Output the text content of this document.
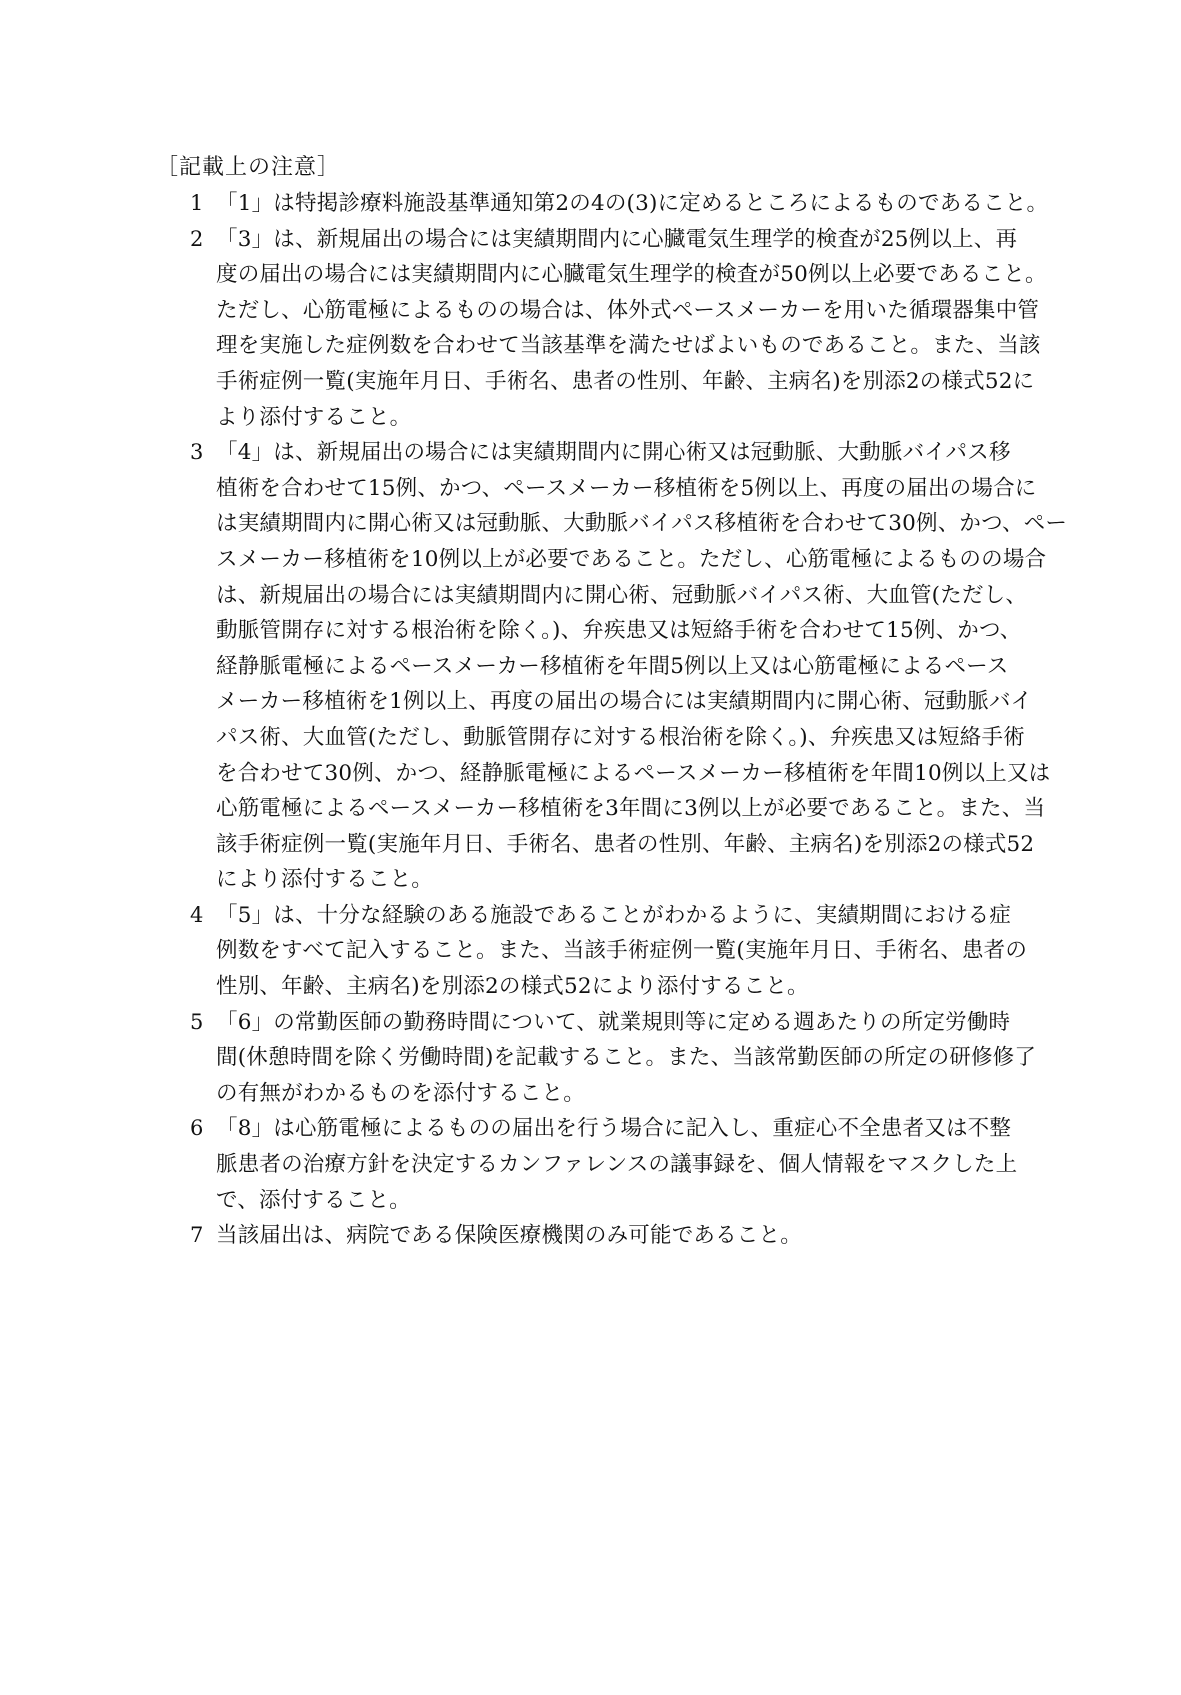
［記載上の注意］
1 「1」は特掲診療料施設基準通知第2の4の(3)に定めるところによるものであること。
2 「3」は、新規届出の場合には実績期間内に心臓電気生理学的検査が25例以上、再
度の届出の場合には実績期間内に心臓電気生理学的検査が50例以上必要であること。
ただし、心筋電極によるものの場合は、体外式ペースメーカーを用いた循環器集中管
理を実施した症例数を合わせて当該基準を満たせばよいものであること。また、当該
手術症例一覧(実施年月日、手術名、患者の性別、年齢、主病名)を別添2の様式52に
より添付すること。
3 「4」は、新規届出の場合には実績期間内に開心術又は冠動脈、大動脈バイパス移
植術を合わせて15例、かつ、ペースメーカー移植術を5例以上、再度の届出の場合に
は実績期間内に開心術又は冠動脈、大動脈バイパス移植術を合わせて30例、かつ、ペー
スメーカー移植術を10例以上が必要であること。ただし、心筋電極によるものの場合
は、新規届出の場合には実績期間内に開心術、冠動脈バイパス術、大血管(ただし、
動脈管開存に対する根治術を除く。)、弁疾患又は短絡手術を合わせて15例、かつ、
経静脈電極によるペースメーカー移植術を年間5例以上又は心筋電極によるペース
メーカー移植術を1例以上、再度の届出の場合には実績期間内に開心術、冠動脈バイ
パス術、大血管(ただし、動脈管開存に対する根治術を除く。)、弁疾患又は短絡手術
を合わせて30例、かつ、経静脈電極によるペースメーカー移植術を年間10例以上又は
心筋電極によるペースメーカー移植術を3年間に3例以上が必要であること。また、当
該手術症例一覧(実施年月日、手術名、患者の性別、年齢、主病名)を別添2の様式52
により添付すること。
4 「5」は、十分な経験のある施設であることがわかるように、実績期間における症
例数をすべて記入すること。また、当該手術症例一覧(実施年月日、手術名、患者の
性別、年齢、主病名)を別添2の様式52により添付すること。
5 「6」の常勤医師の勤務時間について、就業規則等に定める週あたりの所定労働時
間(休憩時間を除く労働時間)を記載すること。また、当該常勤医師の所定の研修修了
の有無がわかるものを添付すること。
6 「8」は心筋電極によるものの届出を行う場合に記入し、重症心不全患者又は不整
脈患者の治療方針を決定するカンファレンスの議事録を、個人情報をマスクした上
で、添付すること。
7 当該届出は、病院である保険医療機関のみ可能であること。
